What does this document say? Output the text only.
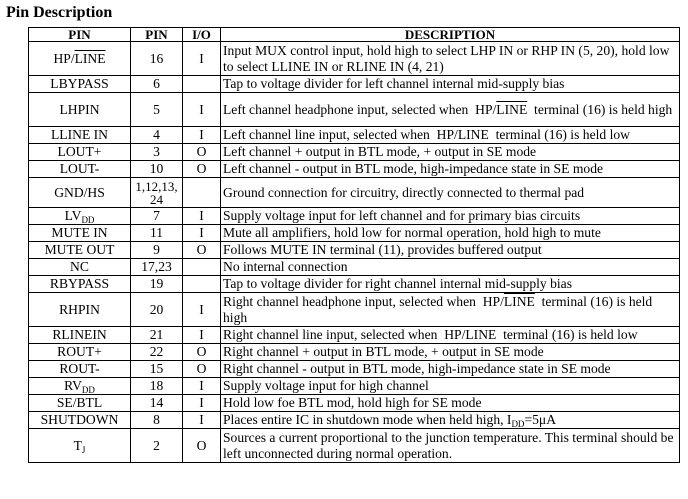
Pin Description
PIN	PIN	I/O	DESCRIPTION
HP/LINE	16	I	Input MUX control input, hold high to select LHP IN or RHP IN (5, 20), hold low to select LLINE IN or RLINE IN (4, 21)
LBYPASS	6		Tap to voltage divider for left channel internal mid-supply bias
LHPIN	5	I	Left channel headphone input, selected when  HP/LINE  terminal (16) is held high
LLINE IN	4	I	Left channel line input, selected when  HP/LINE  terminal (16) is held low
LOUT+	3	O	Left channel + output in BTL mode, + output in SE mode
LOUT-	10	O	Left channel - output in BTL mode, high-impedance state in SE mode
GND/HS	1,12,13, 24		Ground connection for circuitry, directly connected to thermal pad
$LV_{DD}$	7	I	Supply voltage input for left channel and for primary bias circuits
MUTE IN	11	I	Mute all amplifiers, hold low for normal operation, hold high to mute
MUTE OUT	9	O	Follows MUTE IN terminal (11), provides buffered output
NC	17,23		No internal connection
RBYPASS	19		Tap to voltage divider for right channel internal mid-supply bias
RHPIN	20	I	Right channel headphone input, selected when  HP/LINE  terminal (16) is held high
RLINEIN	21	I	Right channel line input, selected when  HP/LINE  terminal (16) is held low
ROUT+	22	O	Right channel + output in BTL mode, + output in SE mode
ROUT-	15	O	Right channel - output in BTL mode, high-impedance state in SE mode
$RV_{DD}$	18	I	Supply voltage input for high channel
$SE/\overline{BTL}$	14	I	Hold low foe BTL mod, hold high for SE mode
SHUTDOWN	8	I	Places entire IC in shutdown mode when held high, $I_{DD}=5\mu A$
$T_J$	2	O	Sources a current proportional to the junction temperature. This terminal should be left unconnected during normal operation.
